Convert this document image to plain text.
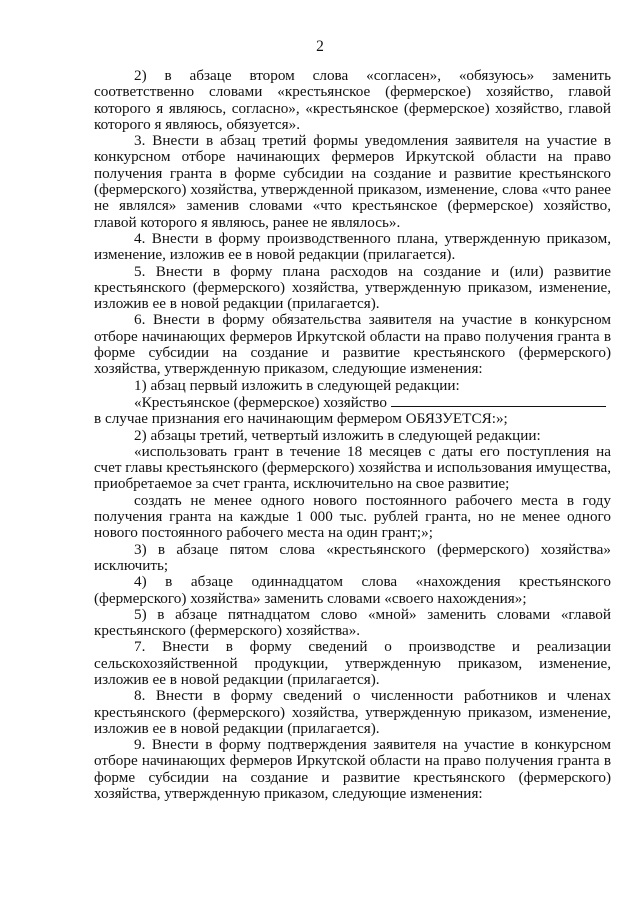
2

2) в абзаце втором слова «согласен», «обязуюсь» заменить соответственно словами «крестьянское (фермерское) хозяйство, главой которого я являюсь, согласно», «крестьянское (фермерское) хозяйство, главой которого я являюсь, обязуется».

3. Внести в абзац третий формы уведомления заявителя на участие в конкурсном отборе начинающих фермеров Иркутской области на право получения гранта в форме субсидии на создание и развитие крестьянского (фермерского) хозяйства, утвержденной приказом, изменение, слова «что ранее не являлся» заменив словами «что крестьянское (фермерское) хозяйство, главой которого я являюсь, ранее не являлось».

4. Внести в форму производственного плана, утвержденную приказом, изменение, изложив ее в новой редакции (прилагается).

5. Внести в форму плана расходов на создание и (или) развитие крестьянского (фермерского) хозяйства, утвержденную приказом, изменение, изложив ее в новой редакции (прилагается).

6. Внести в форму обязательства заявителя на участие в конкурсном отборе начинающих фермеров Иркутской области на право получения гранта в форме субсидии на создание и развитие крестьянского (фермерского) хозяйства, утвержденную приказом, следующие изменения:

1) абзац первый изложить в следующей редакции:

«Крестьянское (фермерское) хозяйство

в случае признания его начинающим фермером ОБЯЗУЕТСЯ:»;

2) абзацы третий, четвертый изложить в следующей редакции:

«использовать грант в течение 18 месяцев с даты его поступления на счет главы крестьянского (фермерского) хозяйства и использования имущества, приобретаемое за счет гранта, исключительно на свое развитие;

создать не менее одного нового постоянного рабочего места в году получения гранта на каждые 1 000 тыс. рублей гранта, но не менее одного нового постоянного рабочего места на один грант;»;

3) в абзаце пятом слова «крестьянского (фермерского) хозяйства» исключить;

4) в абзаце одиннадцатом слова «нахождения крестьянского (фермерского) хозяйства» заменить словами «своего нахождения»;

5) в абзаце пятнадцатом слово «мной» заменить словами «главой крестьянского (фермерского) хозяйства».

7. Внести в форму сведений о производстве и реализации сельскохозяйственной продукции, утвержденную приказом, изменение, изложив ее в новой редакции (прилагается).

8. Внести в форму сведений о численности работников и членах крестьянского (фермерского) хозяйства, утвержденную приказом, изменение, изложив ее в новой редакции (прилагается).

9. Внести в форму подтверждения заявителя на участие в конкурсном отборе начинающих фермеров Иркутской области на право получения гранта в форме субсидии на создание и развитие крестьянского (фермерского) хозяйства, утвержденную приказом, следующие изменения:
